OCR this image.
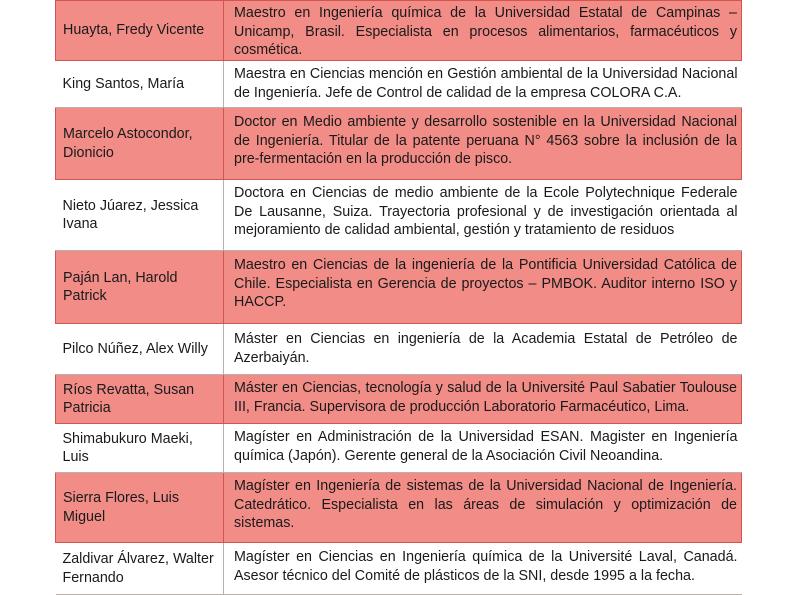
Huayta, Fredy Vicente	Maestro en Ingeniería química de la Universidad Estatal de Campinas – Unicamp, Brasil. Especialista en procesos alimentarios, farmacéuticos y cosmética.

King Santos, María	Maestra en Ciencias mención en Gestión ambiental de la Universidad Nacional de Ingeniería. Jefe de Control de calidad de la empresa COLORA C.A.

Marcelo Astocondor, Dionicio	Doctor en Medio ambiente y desarrollo sostenible en la Universidad Nacional de Ingeniería. Titular de la patente peruana N° 4563 sobre la inclusión de la pre-fermentación en la producción de pisco.

Nieto Júarez, Jessica Ivana	Doctora en Ciencias de medio ambiente de la Ecole Polytechnique Federale De Lausanne, Suiza. Trayectoria profesional y de investigación orientada al mejoramiento de calidad ambiental, gestión y tratamiento de residuos

Paján Lan, Harold Patrick	Maestro en Ciencias de la ingeniería de la Pontificia Universidad Católica de Chile. Especialista en Gerencia de proyectos – PMBOK. Auditor interno ISO y HACCP.

Pilco Núñez, Alex Willy	Máster en Ciencias en ingeniería de la Academia Estatal de Petróleo de Azerbaiyán.

Ríos Revatta, Susan Patricia	Máster en Ciencias, tecnología y salud de la Université Paul Sabatier Toulouse III, Francia. Supervisora de producción Laboratorio Farmacéutico, Lima.

Shimabukuro Maeki, Luis	Magíster en Administración de la Universidad ESAN. Magister en Ingeniería química (Japón). Gerente general de la Asociación Civil Neoandina.

Sierra Flores, Luis Miguel	Magíster en Ingeniería de sistemas de la Universidad Nacional de Ingeniería. Catedrático. Especialista en las áreas de simulación y optimización de sistemas.

Zaldivar Álvarez, Walter Fernando	Magíster en Ciencias en Ingeniería química de la Université Laval, Canadá. Asesor técnico del Comité de plásticos de la SNI, desde 1995 a la fecha.
